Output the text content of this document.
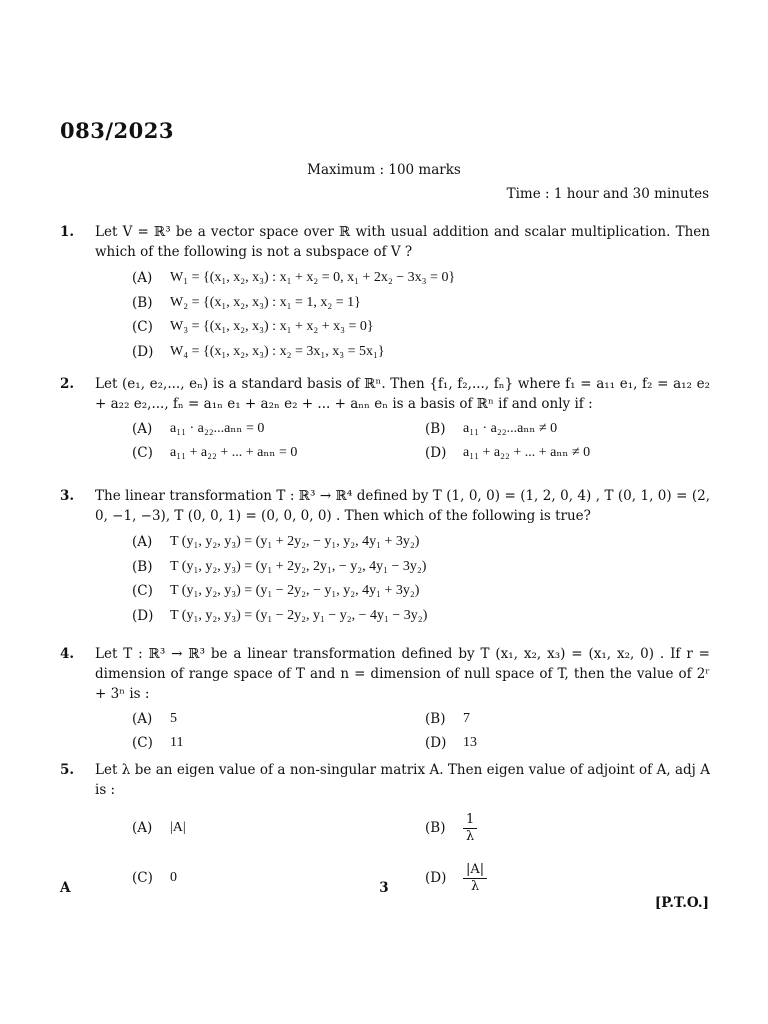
083/2023
Maximum : 100 marks
Time : 1 hour and 30 minutes
1. Let V = ℝ³ be a vector space over ℝ with usual addition and scalar multiplication. Then which of the following is not a subspace of V ?
(A)	W₁ = {(x₁, x₂, x₃) : x₁ + x₂ = 0, x₁ + 2x₂ − 3x₃ = 0}
(B)	W₂ = {(x₁, x₂, x₃) : x₁ = 1, x₂ = 1}
(C)	W₃ = {(x₁, x₂, x₃) : x₁ + x₂ + x₃ = 0}
(D)	W₄ = {(x₁, x₂, x₃) : x₂ = 3x₁, x₃ = 5x₁}
2. Let (e₁, e₂,..., eₙ) is a standard basis of ℝⁿ. Then {f₁, f₂,..., fₙ} where f₁ = a₁₁ e₁, f₂ = a₁₂ e₂ + a₂₂ e₂,..., fₙ = a₁ₙ e₁ + a₂ₙ e₂ + ... + aₙₙ eₙ is a basis of ℝⁿ if and only if :
(A)	a₁₁ · a₂₂...aₙₙ = 0	(B)	a₁₁ · a₂₂...aₙₙ ≠ 0
(C)	a₁₁ + a₂₂ + ... + aₙₙ = 0	(D)	a₁₁ + a₂₂ + ... + aₙₙ ≠ 0
3. The linear transformation T : ℝ³ → ℝ⁴ defined by T (1, 0, 0) = (1, 2, 0, 4) , T (0, 1, 0) = (2, 0, −1, −3), T (0, 0, 1) = (0, 0, 0, 0) . Then which of the following is true?
(A)	T (y₁, y₂, y₃) = (y₁ + 2y₂, − y₁, y₂, 4y₁ + 3y₂)
(B)	T (y₁, y₂, y₃) = (y₁ + 2y₂, 2y₁, − y₂, 4y₁ − 3y₂)
(C)	T (y₁, y₂, y₃) = (y₁ − 2y₂, − y₁, y₂, 4y₁ + 3y₂)
(D)	T (y₁, y₂, y₃) = (y₁ − 2y₂, y₁ − y₂, − 4y₁ − 3y₂)
4. Let T : ℝ³ → ℝ³ be a linear transformation defined by T (x₁, x₂, x₃) = (x₁, x₂, 0) . If r = dimension of range space of T and n = dimension of null space of T, then the value of 2ʳ + 3ⁿ is :
(A)	5	(B)	7
(C)	11	(D)	13
5. Let λ be an eigen value of a non-singular matrix A. Then eigen value of adjoint of A, adj A is :
(A)	|A|	(B)	$\frac{1}{\lambda}$
(C)	0	(D)	$\frac{|A|}{\lambda}$
A	3
[P.T.O.]
